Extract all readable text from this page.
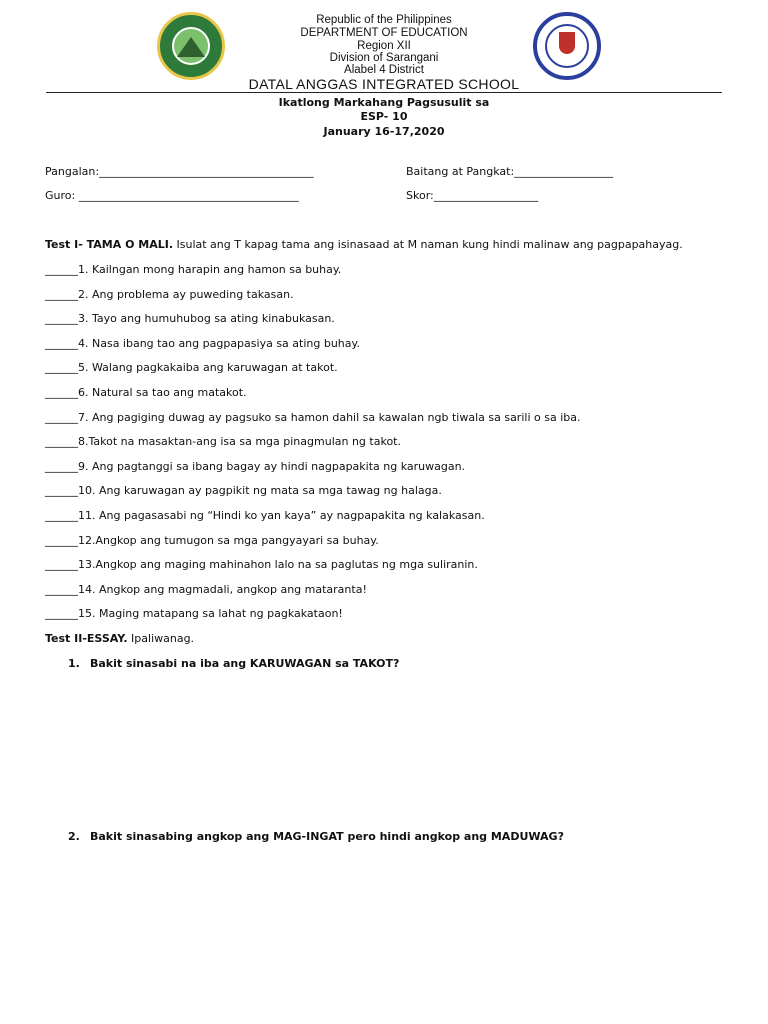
Republic of the Philippines
DEPARTMENT OF EDUCATION
Region XII
Division of Sarangani
Alabel 4 District
DATAL ANGGAS INTEGRATED SCHOOL
Ikatlong Markahang Pagsusulit sa
ESP- 10
January 16-17,2020
Pangalan:_______________________________________	Baitang at Pangkat:__________________
Guro: ________________________________________	Skor:___________________
Test I- TAMA O MALI. Isulat ang T kapag tama ang isinasaad at M naman kung hindi malinaw ang pagpapahayag.
______1. Kailngan mong harapin ang hamon sa buhay.
______2. Ang problema ay puweding takasan.
______3. Tayo ang humuhubog sa ating kinabukasan.
______4. Nasa ibang tao ang pagpapasiya sa ating buhay.
______5. Walang pagkakaiba ang karuwagan at takot.
______6. Natural sa tao ang matakot.
______7. Ang pagiging duwag ay pagsuko sa hamon dahil sa kawalan ngb tiwala sa sarili o sa iba.
______8.Takot na masaktan-ang isa sa mga pinagmulan ng takot.
______9. Ang pagtanggi sa ibang bagay ay hindi nagpapakita ng karuwagan.
______10. Ang karuwagan ay pagpikit ng mata sa mga tawag ng halaga.
______11. Ang pagasasabi ng “Hindi ko yan kaya” ay nagpapakita ng kalakasan.
______12.Angkop ang tumugon sa mga pangyayari sa buhay.
______13.Angkop ang maging mahinahon lalo na sa paglutas ng mga suliranin.
______14. Angkop ang magmadali, angkop ang mataranta!
______15. Maging matapang sa lahat ng pagkakataon!
Test II-ESSAY. Ipaliwanag.
1. Bakit sinasabi na iba ang KARUWAGAN sa TAKOT?
2. Bakit sinasabing angkop ang MAG-INGAT pero hindi angkop ang MADUWAG?
